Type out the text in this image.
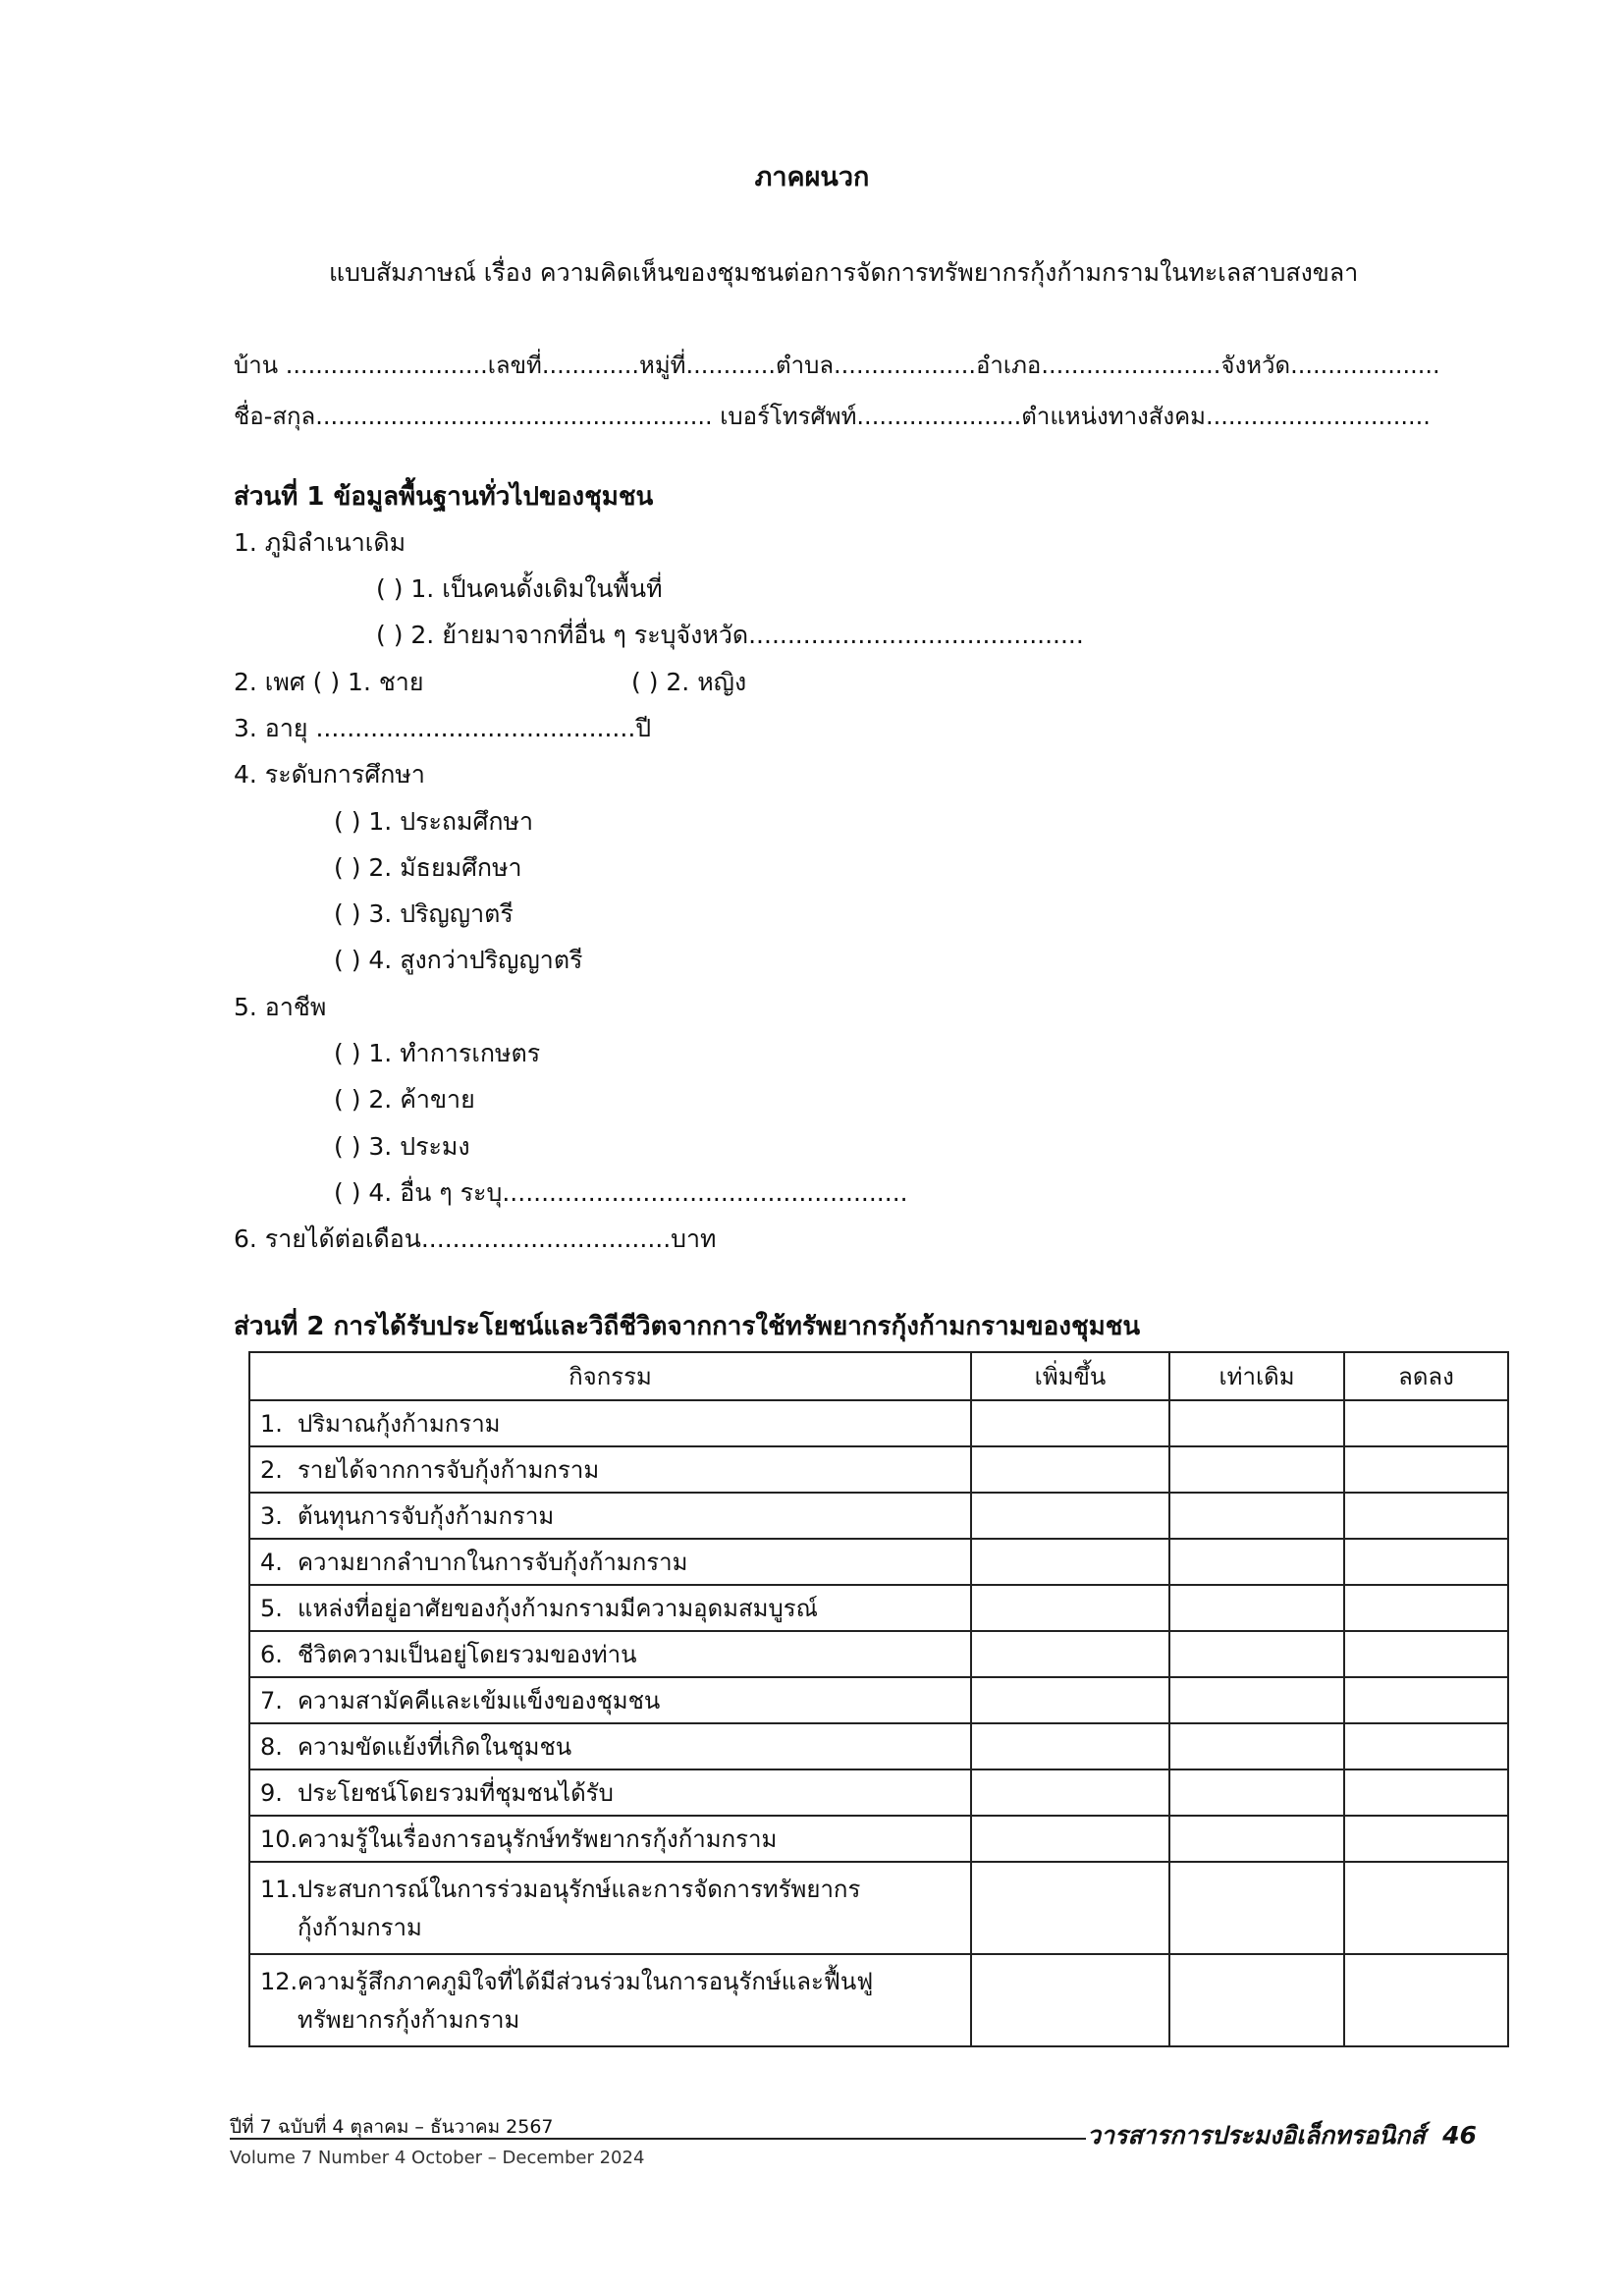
ภาคผนวก
แบบสัมภาษณ์ เรื่อง ความคิดเห็นของชุมชนต่อการจัดการทรัพยากรกุ้งก้ามกรามในทะเลสาบสงขลา
บ้าน ...........................เลขที่.............หมู่ที่............ตำบล...................อำเภอ........................จังหวัด....................
ชื่อ-สกุล..................................................... เบอร์โทรศัพท์......................ตำแหน่งทางสังคม..............................
ส่วนที่ 1 ข้อมูลพื้นฐานทั่วไปของชุมชน
1. ภูมิลำเนาเดิม
( ) 1. เป็นคนดั้งเดิมในพื้นที่
( ) 2. ย้ายมาจากที่อื่น ๆ ระบุจังหวัด...........................................
2. เพศ ( ) 1. ชาย	( ) 2. หญิง
3. อายุ .........................................ปี
4. ระดับการศึกษา
( ) 1. ประถมศึกษา
( ) 2. มัธยมศึกษา
( ) 3. ปริญญาตรี
( ) 4. สูงกว่าปริญญาตรี
5. อาชีพ
( ) 1. ทำการเกษตร
( ) 2. ค้าขาย
( ) 3. ประมง
( ) 4. อื่น ๆ ระบุ....................................................
6. รายได้ต่อเดือน................................บาท
ส่วนที่ 2 การได้รับประโยชน์และวิถีชีวิตจากการใช้ทรัพยากรกุ้งก้ามกรามของชุมชน
กิจกรรม	เพิ่มขึ้น	เท่าเดิม	ลดลง

1. ปริมาณกุ้งก้ามกราม			

2. รายได้จากการจับกุ้งก้ามกราม			

3. ต้นทุนการจับกุ้งก้ามกราม			

4. ความยากลำบากในการจับกุ้งก้ามกราม			

5. แหล่งที่อยู่อาศัยของกุ้งก้ามกรามมีความอุดมสมบูรณ์			

6. ชีวิตความเป็นอยู่โดยรวมของท่าน			

7. ความสามัคคีและเข้มแข็งของชุมชน			

8. ความขัดแย้งที่เกิดในชุมชน			

9. ประโยชน์โดยรวมที่ชุมชนได้รับ			

10.ความรู้ในเรื่องการอนุรักษ์ทรัพยากรกุ้งก้ามกราม			

11.ประสบการณ์ในการร่วมอนุรักษ์และการจัดการทรัพยากร
กุ้งก้ามกราม			

12.ความรู้สึกภาคภูมิใจที่ได้มีส่วนร่วมในการอนุรักษ์และฟื้นฟู
ทรัพยากรกุ้งก้ามกราม			

ปีที่ 7 ฉบับที่ 4 ตุลาคม – ธันวาคม 2567
Volume 7 Number 4 October – December 2024
วารสารการประมงอิเล็กทรอนิกส์ 46
